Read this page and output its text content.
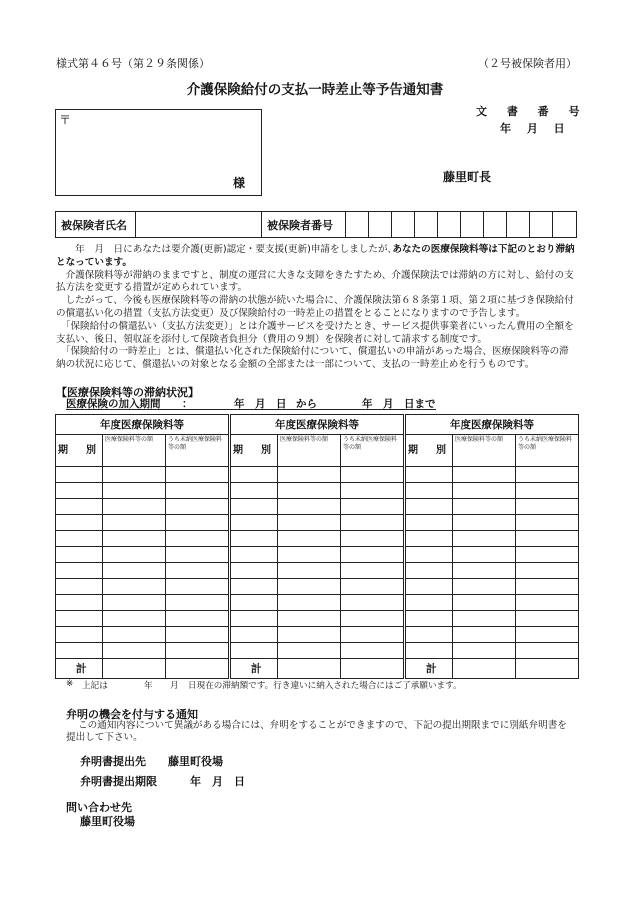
様式第４６号（第２９条関係）	（２号被保険者用）
介護保険給付の支払一時差止等予告通知書
文 書 番 号
年 月 日
〒
様	藤里町長
被保険者氏名	被保険者番号

　　年　月　日にあなたは要介護(更新)認定・要支援(更新)申請をしましたが､あなたの医療保険料等は下記のとおり滞納となっています。

　介護保険料等が滞納のままですと、制度の運営に大きな支障をきたすため、介護保険法では滞納の方に対し、給付の支払方法を変更する措置が定められています。

　したがって、今後も医療保険料等の滞納の状態が続いた場合に、介護保険法第６８条第１項、第２項に基づき保険給付の償還払い化の措置（支払方法変更）及び保険給付の一時差止の措置をとることになりますので予告します。

　「保険給付の償還払い（支払方法変更）」とは介護サービスを受けたとき、サービス提供事業者にいったん費用の全額を支払い、後日、領収証を添付して保険者負担分（費用の９割）を保険者に対して請求する制度です。

　「保険給付の一時差止」とは、償還払い化された保険給付について、償還払いの申請があった場合、医療保険料等の滞納の状況に応じて、償還払いの対象となる金額の全部または一部について、支払の一時差止めを行うものです。

【医療保険料等の滞納状況】
医療保険の加入期間 ：	年　月　日 から	年　月　日まで
年度医療保険料等		
期　別	医療保険料等の額	うち未納医療保険料等の額

計		
年度医療保険料等		
期　別	医療保険料等の額	うち未納医療保険料等の額

計		
年度医療保険料等		
期　別	医療保険料等の額	うち未納医療保険料等の額

計		
※ 上記は	年 月 日現在の滞納額です。行き違いに納入された場合にはご了承願います。
弁明の機会を付与する通知
この通知内容について異議がある場合には、弁明をすることができますので、下記の提出期限までに別紙弁明書を提出して下さい。
弁明書提出先　　藤里町役場
弁明書提出期限　　　年　月　日
問い合わせ先
藤里町役場
